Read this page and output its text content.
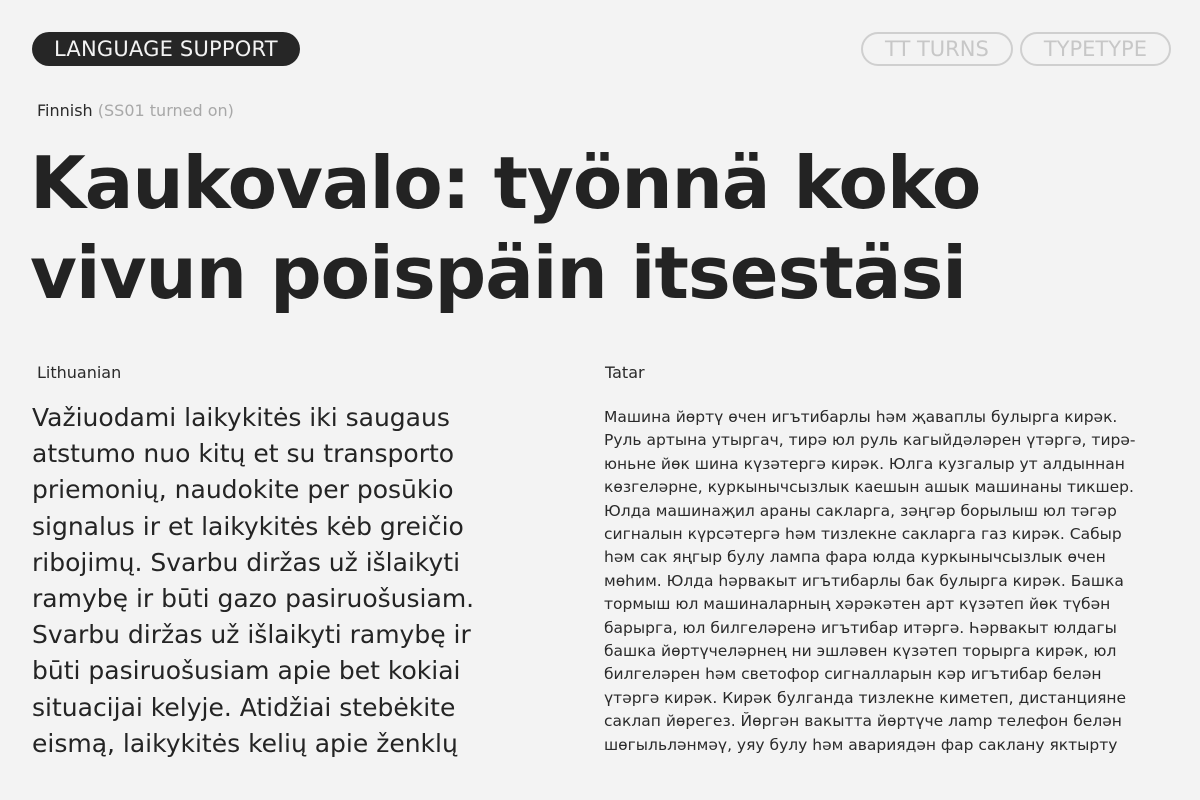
LANGUAGE SUPPORT	TT TURNS	TYPETYPE
Finnish (SS01 turned on)
Kaukovalo: työnnä koko
vivun poispäin itsestäsi
Lithuanian
Važiuodami laikykitės iki saugaus
atstumo nuo kitų et su transporto
priemonių, naudokite per posūkio
signalus ir et laikykitės kėb greičio
ribojimų. Svarbu diržas už išlaikyti
ramybę ir būti gazo pasiruošusiam.
Svarbu diržas už išlaikyti ramybę ir
būti pasiruošusiam apie bet kokiai
situacijai kelyje. Atidžiai stebėkite
eismą, laikykitės kelių apie ženklų
Tatar
Машина йөртү өчен игътибарлы һәм җаваплы булырга кирәк.
Руль артына утыргач, тирә юл руль кагыйдәләрен үтәргә, тирә-
юньне йөк шина күзәтергә кирәк. Юлга кузгалыр ут алдыннан
көзгеләрне, куркынычсызлык каешын ашык машинаны тикшер.
Юлда машинаҗил араны сакларга, зәңгәр борылыш юл тәгәр
сигналын күрсәтергә һәм тизлекне сакларга газ кирәк. Сабыр
һәм сак яңгыр булу лампа фара юлда куркынычсызлык өчен
мөһим. Юлда һәрвакыт игътибарлы бак булырга кирәк. Башка
тормыш юл машиналарның хәрәкәтен арт күзәтеп йөк түбән
барырга, юл билгеләренә игътибар итәргә. Һәрвакыт юлдагы
башка йөртүчеләрнең ни эшләвен күзәтеп торырга кирәк, юл
билгеләрен һәм светофор сигналларын кәр игътибар белән
үтәргә кирәк. Кирәк булганда тизлекне киметеп, дистанцияне
саклап йөрегез. Йөргән вакытта йөртүче лamp телефон белән
шөгыльләнмәү, уяу булу һәм авариядән фар саклану яктырту
